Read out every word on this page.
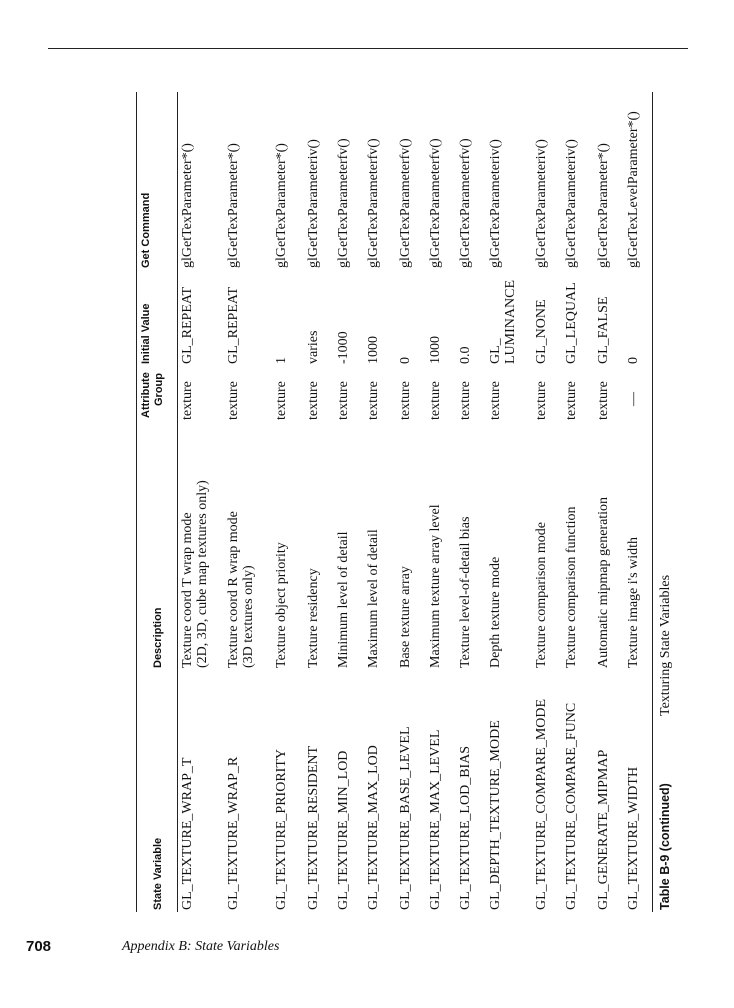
State Variable
Description
Attribute Group
Initial Value
Get Command
GL_TEXTURE_WRAP_T
Texture coord T wrap mode (2D, 3D, cube map textures only)
texture
GL_REPEAT
glGetTexParameter*()
GL_TEXTURE_WRAP_R
Texture coord R wrap mode (3D textures only)
texture
GL_REPEAT
glGetTexParameter*()
GL_TEXTURE_PRIORITY
Texture object priority
texture
1
glGetTexParameter*()
GL_TEXTURE_RESIDENT
Texture residency
texture
varies
glGetTexParameteriv()
GL_TEXTURE_MIN_LOD
Minimum level of detail
texture
-1000
glGetTexParameterfv()
GL_TEXTURE_MAX_LOD
Maximum level of detail
texture
1000
glGetTexParameterfv()
GL_TEXTURE_BASE_LEVEL
Base texture array
texture
0
glGetTexParameterfv()
GL_TEXTURE_MAX_LEVEL
Maximum texture array level
texture
1000
glGetTexParameterfv()
GL_TEXTURE_LOD_BIAS
Texture level-of-detail bias
texture
0.0
glGetTexParameterfv()
GL_DEPTH_TEXTURE_MODE
Depth texture mode
texture
GL_ LUMINANCE
glGetTexParameteriv()
GL_TEXTURE_COMPARE_MODE
Texture comparison mode
texture
GL_NONE
glGetTexParameteriv()
GL_TEXTURE_COMPARE_FUNC
Texture comparison function
texture
GL_LEQUAL
glGetTexParameteriv()
GL_GENERATE_MIPMAP
Automatic mipmap generation
texture
GL_FALSE
glGetTexParameter*()
GL_TEXTURE_WIDTH
Texture image i's width
—
0
glGetTexLevelParameter*()
Table B-9 (continued)
Texturing State Variables
708	Appendix B: State Variables
